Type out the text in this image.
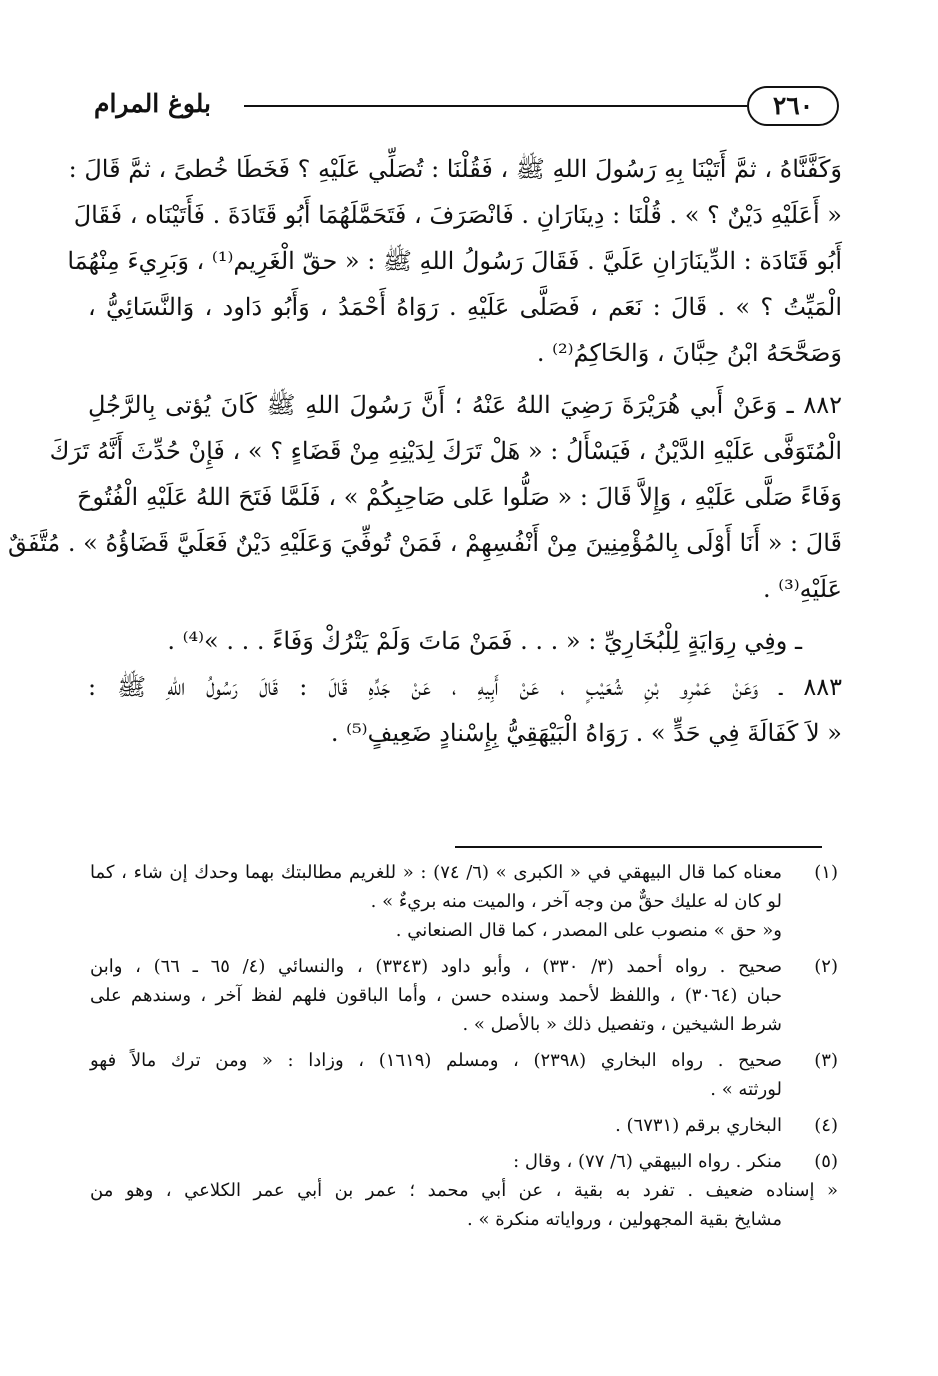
٢٦٠
بلوغ المرام
وَكَفَّنَّاهُ ، ثمَّ أَتَيْنَا بِهِ رَسُولَ اللهِ ﷺ ، فَقُلْنَا : تُصَلِّي عَلَيْهِ ؟ فَخَطَا خُطىً ، ثمَّ قَالَ :
« أَعَلَيْهِ دَيْنٌ ؟ » . قُلْنَا : دِينَارَانِ . فَانْصَرَفَ ، فَتَحَمَّلَهُمَا أَبُو قَتَادَةَ . فَأَتَيْنَاه ، فَقَالَ
أَبُو قَتَادَة : الدِّينَارَانِ عَلَيَّ . فَقَالَ رَسُولُ اللهِ ﷺ : « حقّ الْغَرِيم⁽¹⁾ ، وَبَرِيءَ مِنْهُمَا
الْمَيِّتُ ؟ » . قَالَ : نَعَم ، فَصَلَّى عَلَيْهِ . رَوَاهُ أَحْمَدُ ، وَأَبُو دَاود ، وَالنَّسَائِيُّ ،
وَصَحَّحَهُ ابْنُ حِبَّانَ ، وَالحَاكِمُ⁽²⁾ .
٨٨٢ ـ وَعَنْ أَبي هُرَيْرَةَ رَضِيَ اللهُ عَنْهُ ؛ أَنَّ رَسُولَ اللهِ ﷺ كَانَ يُؤتى بِالرَّجُلِ
الْمُتَوَفَّى عَلَيْهِ الدَّيْنُ ، فَيَسْأَلُ : « هَلْ تَرَكَ لِدَيْنِهِ مِنْ قَضَاءٍ ؟ » ، فَإِنْ حُدِّثَ أَنَّهُ تَرَكَ
وَفَاءً صَلَّى عَلَيْهِ ، وَإِلاَّ قَالَ : « صَلُّوا عَلى صَاحِبِكُمْ » ، فَلَمَّا فَتَحَ اللهُ عَلَيْهِ الْفُتُوحَ
قَالَ : « أَنَا أَوْلَى بِالمُؤْمِنِينَ مِنْ أَنْفُسِهِمْ ، فَمَنْ تُوفِّيَ وَعَلَيْهِ دَيْنٌ فَعَلَيَّ قَضَاؤُهُ » . مُتَّفَقٌ
عَلَيْهِ⁽³⁾ .
ـ وفِي رِوَايَةٍ لِلْبُخَارِيِّ : « . . . فَمَنْ مَاتَ وَلَمْ يَتْرُكْ وَفَاءً . . . »⁽⁴⁾ .
٨٨٣ ـ وَعَنْ عَمْرِو بْنِ شُعَيْبٍ ، عَنْ أَبِيهِ ، عَنْ جَدِّهِ قَالَ : قَالَ رَسُولُ اللهِ ﷺ :
« لاَ كَفَالَةَ فِي حَدٍّ » . رَوَاهُ الْبَيْهَقِيُّ بِإِسْنادٍ ضَعِيفٍ⁽⁵⁾ .
(١)
معناه كما قال البيهقي في « الكبرى » (٦/ ٧٤) : « للغريم مطالبتك بهما وحدك إن شاء ، كما
لو كان له عليك حقٌّ من وجه آخر ، والميت منه بريءٌ » .
و« حق » منصوب على المصدر ، كما قال الصنعاني .
(٢)
صحيح . رواه أحمد (٣/ ٣٣٠) ، وأبو داود (٣٣٤٣) ، والنسائي (٤/ ٦٥ ـ ٦٦) ، وابن
حبان (٣٠٦٤) ، واللفظ لأحمد وسنده حسن ، وأما الباقون فلهم لفظ آخر ، وسندهم على
شرط الشيخين ، وتفصيل ذلك « بالأصل » .
(٣)
صحيح . رواه البخاري (٢٣٩٨) ، ومسلم (١٦١٩) ، وزادا : « ومن ترك مالاً فهو
لورثته » .
(٤)
البخاري برقم (٦٧٣١) .
(٥)
منكر . رواه البيهقي (٦/ ٧٧) ، وقال :
« إسناده ضعيف . تفرد به بقية ، عن أبي محمد ؛ عمر بن أبي عمر الكلاعي ، وهو من
مشايخ بقية المجهولين ، ورواياته منكرة » .
